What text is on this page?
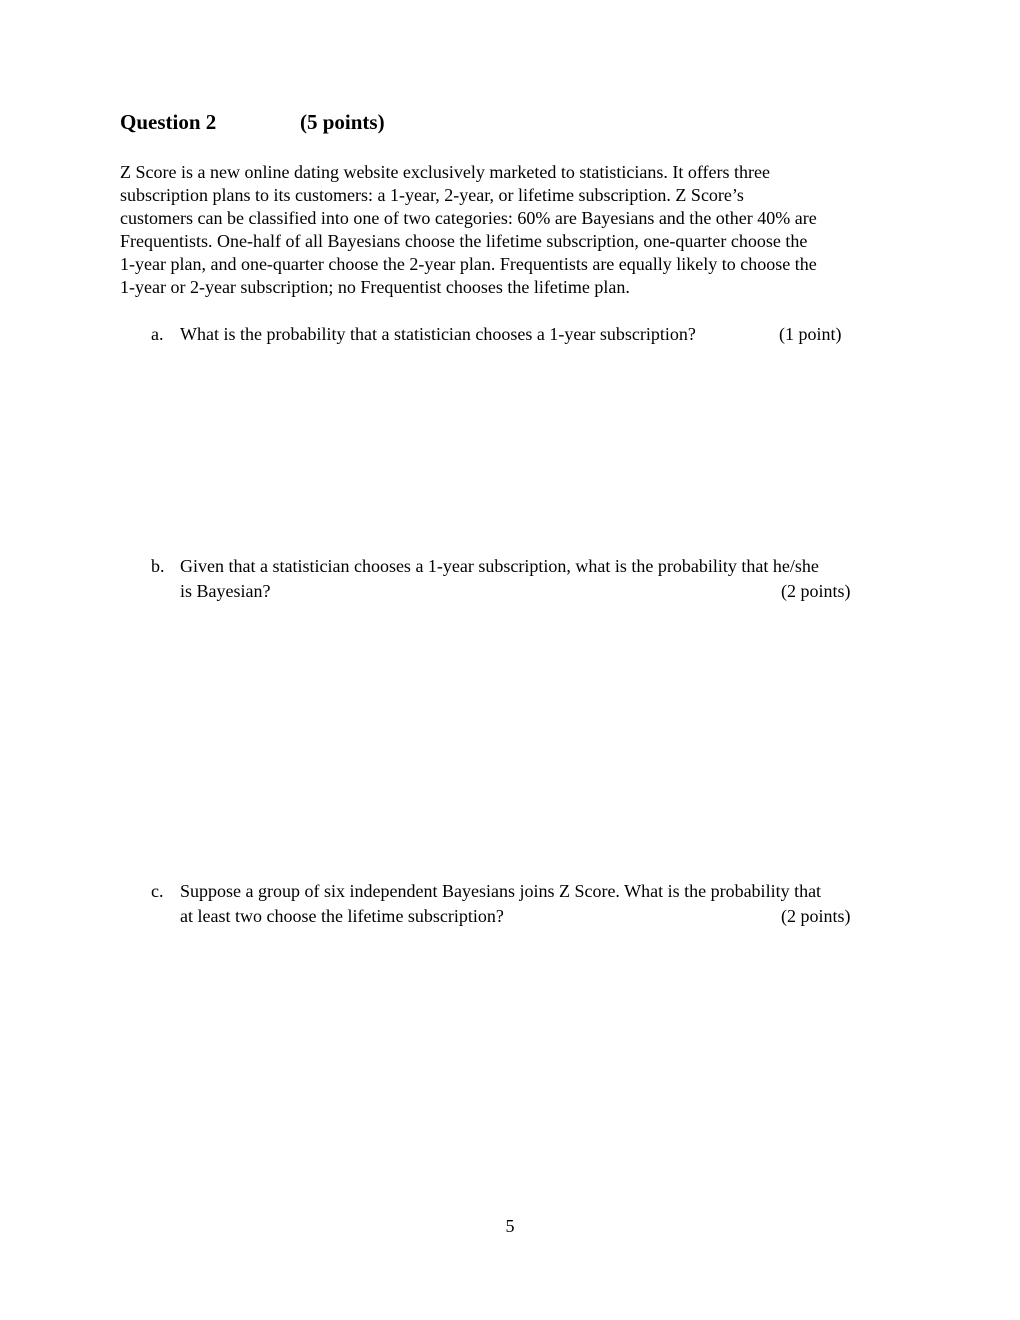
Question 2	(5 points)
Z Score is a new online dating website exclusively marketed to statisticians. It offers three
subscription plans to its customers: a 1-year, 2-year, or lifetime subscription. Z Score’s
customers can be classified into one of two categories: 60% are Bayesians and the other 40% are
Frequentists. One-half of all Bayesians choose the lifetime subscription, one-quarter choose the
1-year plan, and one-quarter choose the 2-year plan. Frequentists are equally likely to choose the
1-year or 2-year subscription; no Frequentist chooses the lifetime plan.
a. What is the probability that a statistician chooses a 1-year subscription?	(1 point)
b. Given that a statistician chooses a 1-year subscription, what is the probability that he/she
is Bayesian?	(2 points)
c. Suppose a group of six independent Bayesians joins Z Score. What is the probability that
at least two choose the lifetime subscription?	(2 points)
5
